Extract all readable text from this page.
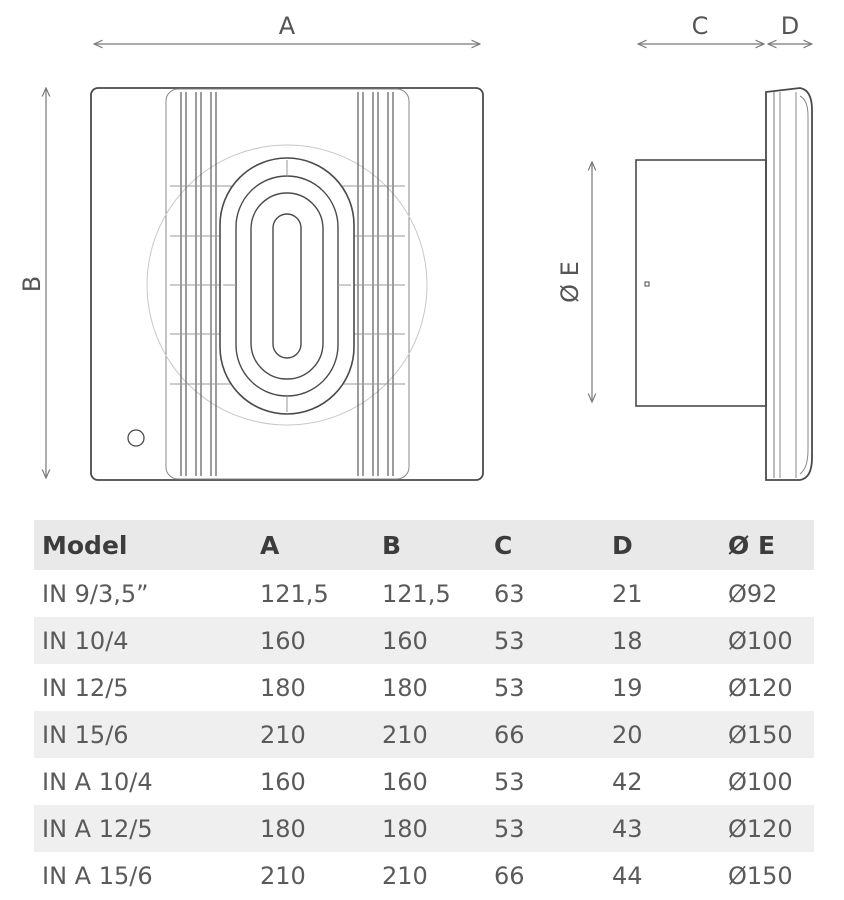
A
B
C	D
Ø E
Model	A	B	C	D	Ø E
IN 9/3,5”	121,5	121,5	63	21	Ø92
IN 10/4	160	160	53	18	Ø100
IN 12/5	180	180	53	19	Ø120
IN 15/6	210	210	66	20	Ø150
IN A 10/4	160	160	53	42	Ø100
IN A 12/5	180	180	53	43	Ø120
IN A 15/6	210	210	66	44	Ø150
